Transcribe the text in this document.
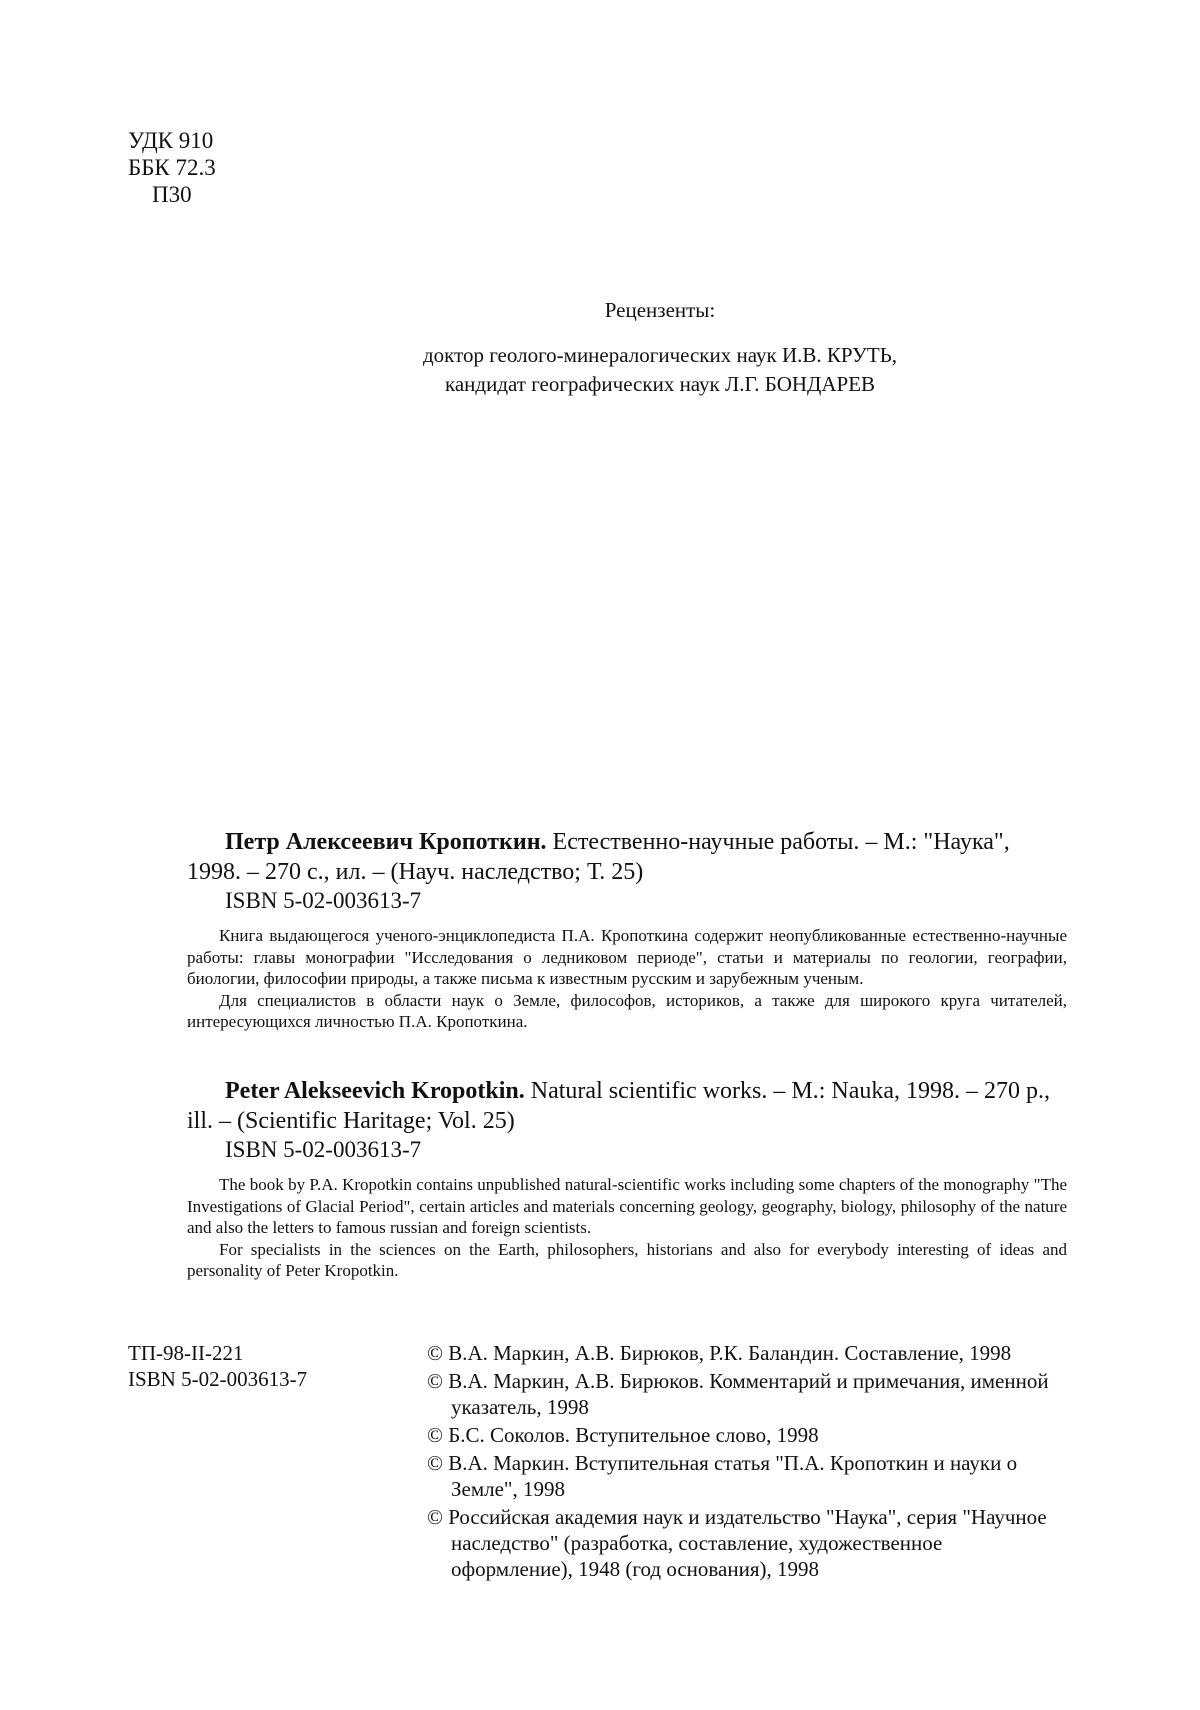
УДК 910
ББК 72.3
П30
Рецензенты:
доктор геолого-минералогических наук И.В. КРУТЬ,
кандидат географических наук Л.Г. БОНДАРЕВ
Петр Алексеевич Кропоткин. Естественно-научные работы. – М.: "Наука", 1998. – 270 с., ил. – (Науч. наследство; Т. 25)
ISBN 5-02-003613-7

Книга выдающегося ученого-энциклопедиста П.А. Кропоткина содержит неопубликованные естественно-научные работы: главы монографии "Исследования о ледниковом периоде", статьи и материалы по геологии, географии, биологии, философии природы, а также письма к известным русским и зарубежным ученым.

Для специалистов в области наук о Земле, философов, историков, а также для широкого круга читателей, интересующихся личностью П.А. Кропоткина.

Peter Alekseevich Kropotkin. Natural scientific works. – M.: Nauka, 1998. – 270 p., ill. – (Scientific Haritage; Vol. 25)
ISBN 5-02-003613-7

The book by P.A. Kropotkin contains unpublished natural-scientific works including some chapters of the monography "The Investigations of Glacial Period", certain articles and materials concerning geology, geography, biology, philosophy of the nature and also the letters to famous russian and foreign scientists.

For specialists in the sciences on the Earth, philosophers, historians and also for everybody interesting of ideas and personality of Peter Kropotkin.

ТП-98-II-221
ISBN 5-02-003613-7
© В.А. Маркин, А.В. Бирюков, Р.К. Баландин. Составление, 1998
© В.А. Маркин, А.В. Бирюков. Комментарий и примечания, именной указатель, 1998
© Б.С. Соколов. Вступительное слово, 1998
© В.А. Маркин. Вступительная статья "П.А. Кропоткин и науки о Земле", 1998
© Российская академия наук и издательство "Наука", серия "Научное наследство" (разработка, составление, художественное оформление), 1948 (год основания), 1998
